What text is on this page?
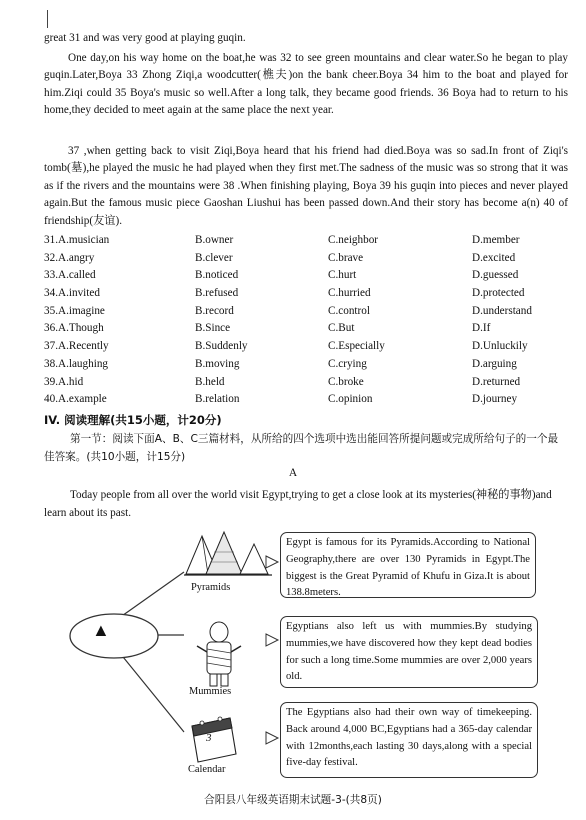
great 31 and was very good at playing guqin.
One day,on his way home on the boat,he was 32 to see green mountains and clear water.So he began to play guqin.Later,Boya 33 Zhong Ziqi,a woodcutter(樵夫)on the bank cheer.Boya 34 him to the boat and played for him.Ziqi could 35 Boya's music so well.After a long talk, they became good friends. 36 Boya had to return to his home,they decided to meet again at the same place the next year.
37 ,when getting back to visit Ziqi,Boya heard that his friend had died.Boya was so sad.In front of Ziqi's tomb(墓),he played the music he had played when they first met.The sadness of the music was so strong that it was as if the rivers and the mountains were 38 .When finishing playing, Boya 39 his guqin into pieces and never played again.But the famous music piece Gaoshan Liushui has been passed down.And their story has become a(n) 40 of friendship(友谊).
31.A.musician	B.owner	C.neighbor	D.member
32.A.angry	B.clever	C.brave	D.excited
33.A.called	B.noticed	C.hurt	D.guessed
34.A.invited	B.refused	C.hurried	D.protected
35.A.imagine	B.record	C.control	D.understand
36.A.Though	B.Since	C.But	D.If
37.A.Recently	B.Suddenly	C.Especially	D.Unluckily
38.A.laughing	B.moving	C.crying	D.arguing
39.A.hid	B.held	C.broke	D.returned
40.A.example	B.relation	C.opinion	D.journey
IV. 阅读理解(共15小题，计20分)
第一节：阅读下面A、B、C三篇材料，从所给的四个选项中选出能回答所提问题或完成所给句子的一个最佳答案。(共10小题，计15分)
A
Today people from all over the world visit Egypt,trying to get a close look at its mysteries(神秘的事物)and learn about its past.
▲
3
Pyramids
Mummies
Calendar
Egypt is famous for its Pyramids.According to National Geography,there are over 130 Pyramids in Egypt.The biggest is the Great Pyramid of Khufu in Giza.It is about 138.8meters.
Egyptians also left us with mummies.By studying mummies,we have discovered how they kept dead bodies for such a long time.Some mummies are over 2,000 years old.
The Egyptians also had their own way of timekeeping. Back around 4,000 BC,Egyptians had a 365-day calendar with 12months,each lasting 30 days,along with a special five-day festival.
合阳县八年级英语期末试题-3-(共8页)
